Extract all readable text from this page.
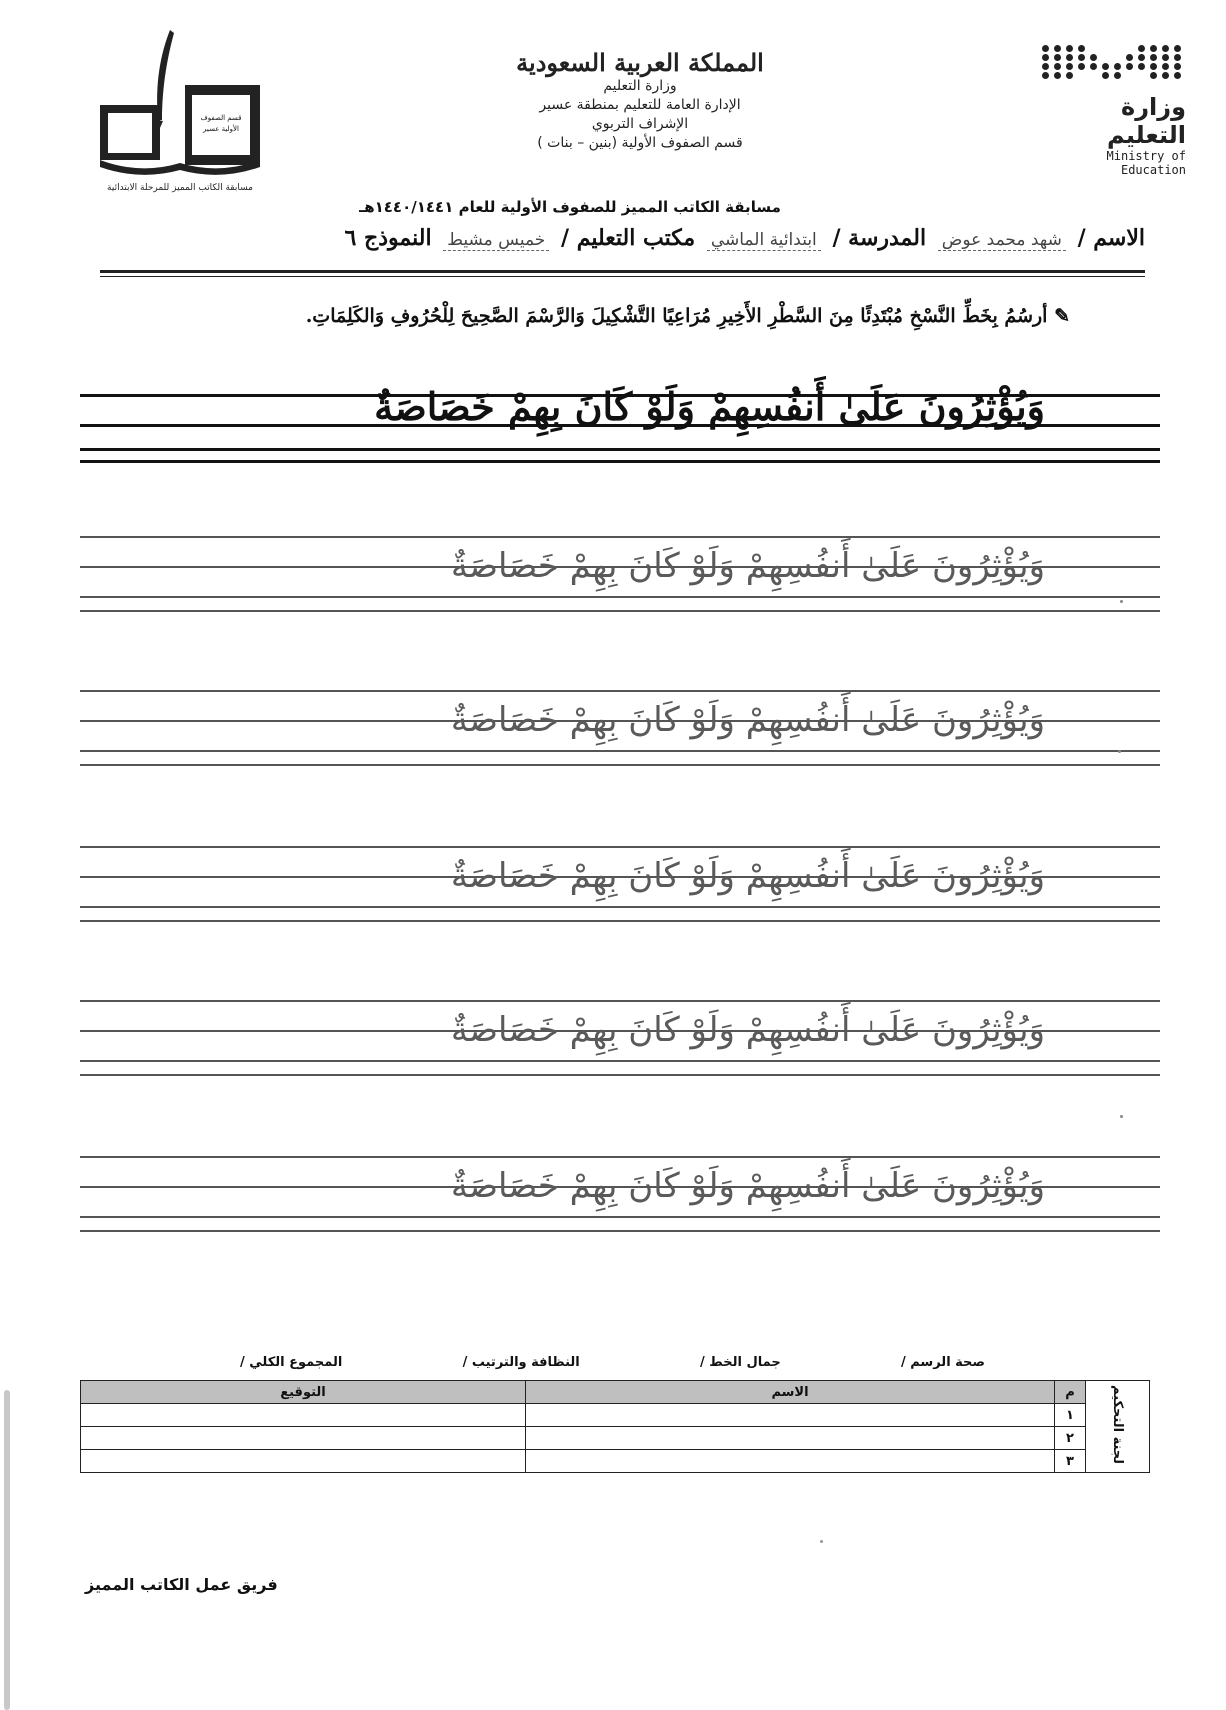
قسم الصفوف الأولية عسير
مسابقة الكاتب المميز للمرحلة الابتدائية
المملكة العربية السعودية
وزارة التعليم
الإدارة العامة للتعليم بمنطقة عسير
الإشراف التربوي
قسم الصفوف الأولية (بنين – بنات )
وزارة التعليم
Ministry of Education
مسابقة الكاتب المميز للصفوف الأولية للعام ١٤٤٠/١٤٤١هـ
الاسم / شهد محمد عوض المدرسة / ابتدائية الماشي مكتب التعليم / خميس مشيط النموذج ٦
✎ أرسُمُ بِخَطِّ النَّسْخِ مُبْتَدِئًا مِنَ السَّطْرِ الأَخِيرِ مُرَاعِيًا التَّشْكِيلَ وَالرَّسْمَ الصَّحِيحَ لِلْحُرُوفِ وَالكَلِمَاتِ.
وَيُؤْثِرُونَ عَلَىٰ أَنفُسِهِمْ وَلَوْ كَانَ بِهِمْ خَصَاصَةٌ
وَيُؤْثِرُونَ عَلَىٰ أَنفُسِهِمْ وَلَوْ كَانَ بِهِمْ خَصَاصَةٌ
وَيُؤْثِرُونَ عَلَىٰ أَنفُسِهِمْ وَلَوْ كَانَ بِهِمْ خَصَاصَةٌ
وَيُؤْثِرُونَ عَلَىٰ أَنفُسِهِمْ وَلَوْ كَانَ بِهِمْ خَصَاصَةٌ
وَيُؤْثِرُونَ عَلَىٰ أَنفُسِهِمْ وَلَوْ كَانَ بِهِمْ خَصَاصَةٌ
وَيُؤْثِرُونَ عَلَىٰ أَنفُسِهِمْ وَلَوْ كَانَ بِهِمْ خَصَاصَةٌ
صحة الرسم /
جمال الخط /
النظافة والترتيب /
المجموع الكلي /
لجنة التحكيم	م	الاسم	التوقيع
	١		
	٢		
	٣		
فريق عمل الكاتب المميز
